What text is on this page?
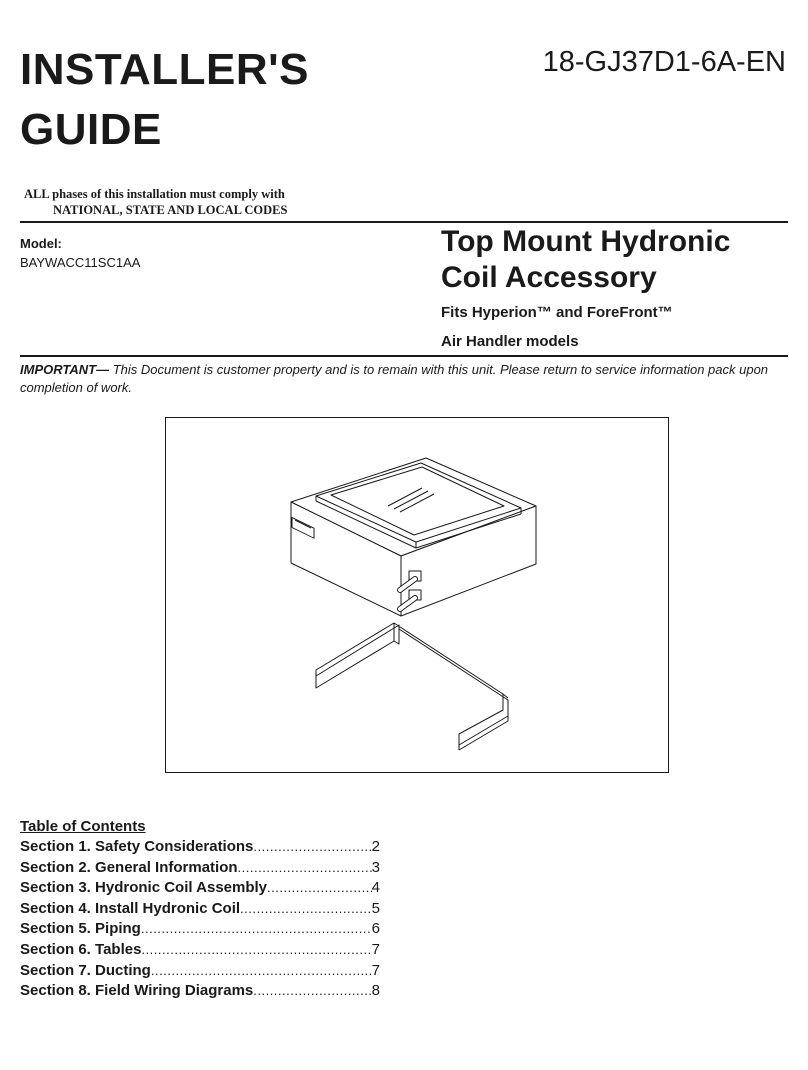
INSTALLER'S
GUIDE
18-GJ37D1-6A-EN
ALL phases of this installation must comply with
NATIONAL, STATE AND LOCAL CODES
Model:
BAYWACC11SC1AA
Top Mount Hydronic
Coil Accessory
Fits Hyperion™ and ForeFront™
Air Handler models
IMPORTANT— This Document is customer property and is to remain with this unit. Please return to service information pack upon completion of work.
Table of Contents
Section 1. Safety Considerations .....	2
Section 2. General Information .....	3
Section 3. Hydronic Coil Assembly .....	4
Section 4. Install Hydronic Coil .....	5
Section 5. Piping .....	6
Section 6. Tables .....	7
Section 7. Ducting .....	7
Section 8. Field Wiring Diagrams .....	8
